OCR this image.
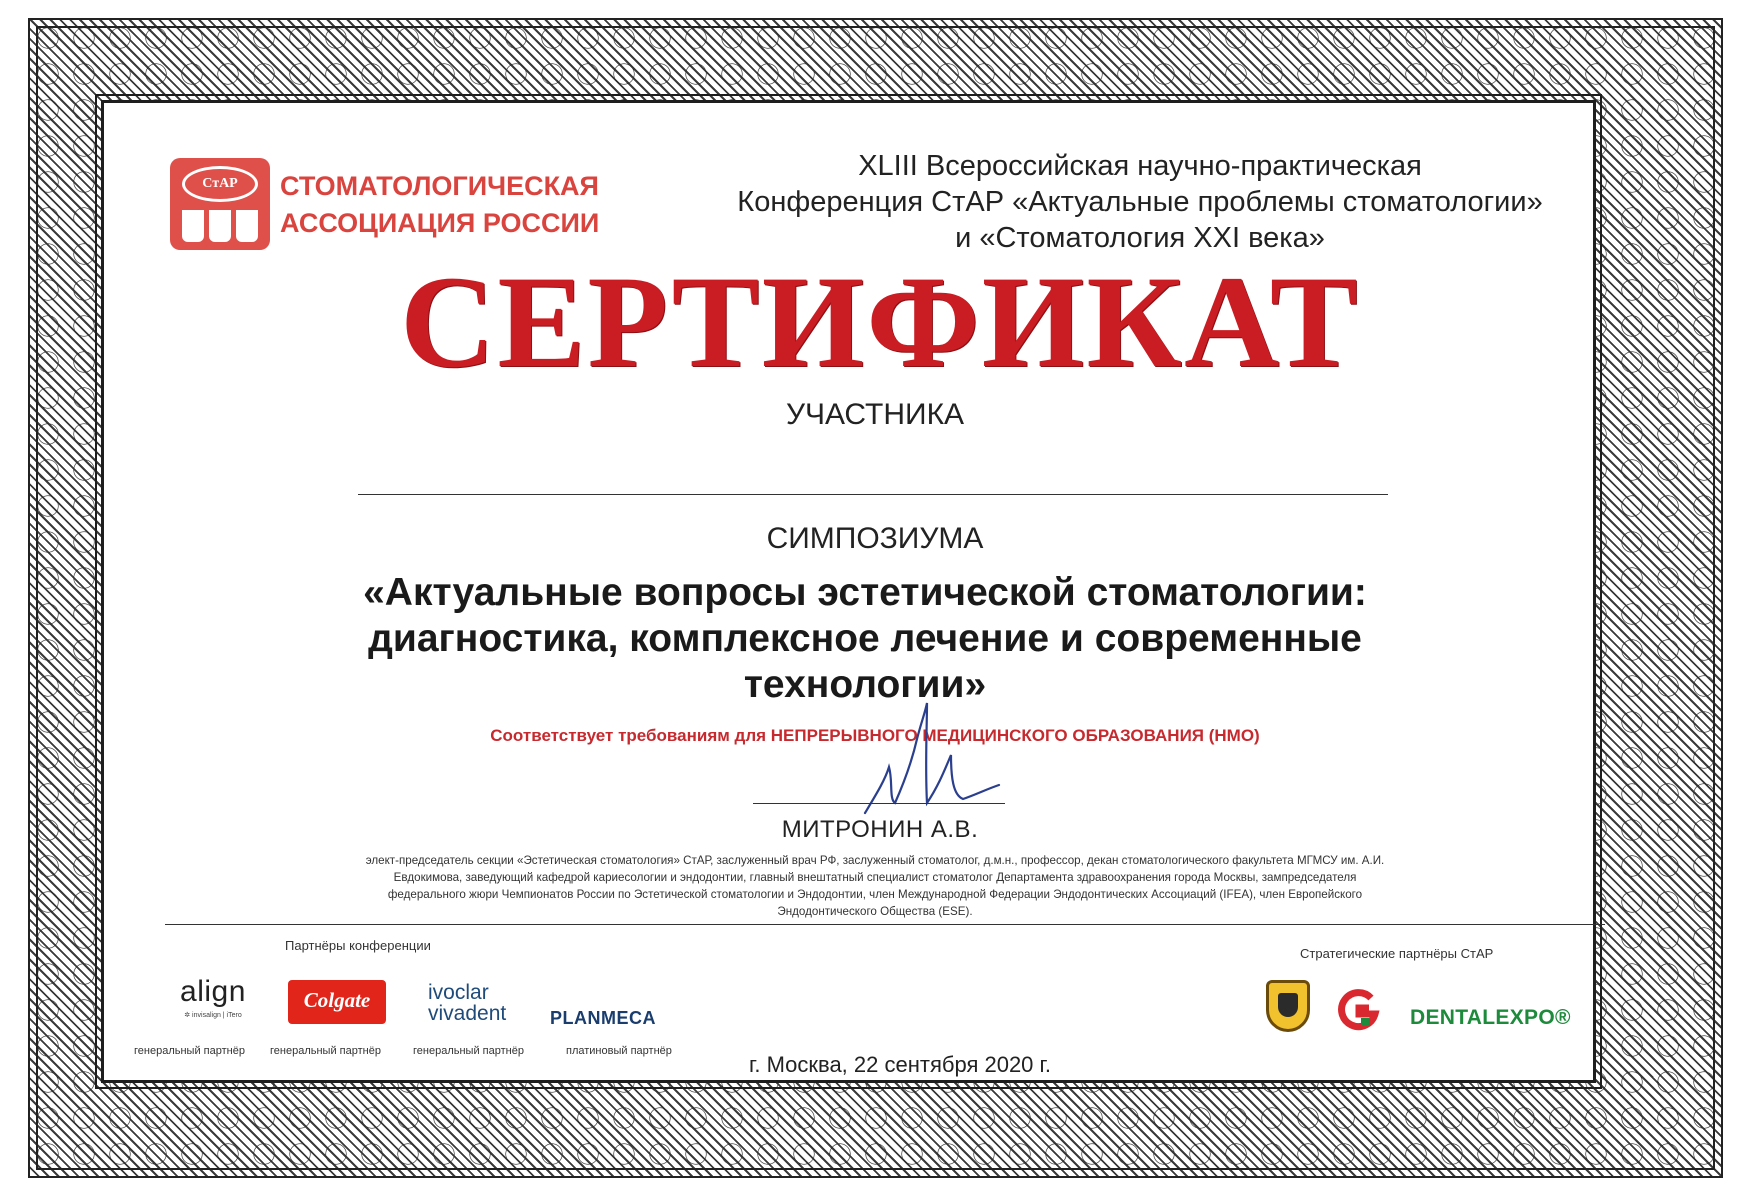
СтАР	СТОМАТОЛОГИЧЕСКАЯ
АССОЦИАЦИЯ РОССИИ
XLIII Всероссийская научно-практическая
Конференция СтАР «Актуальные проблемы стоматологии»
и «Стоматология XXI века»
СЕРТИФИКАТ
УЧАСТНИКА
СИМПОЗИУМА
«Актуальные вопросы эстетической стоматологии:
диагностика, комплексное лечение и современные
технологии»
Соответствует требованиям для НЕПРЕРЫВНОГО МЕДИЦИНСКОГО ОБРАЗОВАНИЯ (НМО)
МИТРОНИН А.В.
элект-председатель секции «Эстетическая стоматология» СтАР, заслуженный врач РФ, заслуженный стоматолог, д.м.н., профессор, декан стоматологического факультета МГМСУ им. А.И.
Евдокимова, заведующий кафедрой кариесологии и эндодонтии, главный внештатный специалист стоматолог Департамента здравоохранения города Москвы, зампредседателя
федерального жюри Чемпионатов России по Эстетической стоматологии и Эндодонтии, член Международной Федерации Эндодонтических Ассоциаций (IFEA), член Европейского
Эндодонтического Общества (ESE).
Партнёры конференции
Стратегические партнёры СтАР
align
✲ invisalign | iTero
Colgate	ivoclar vivadent	PLANMECA
генеральный партнёр генеральный партнёр	генеральный партнёр	платиновый партнёр
г. Москва, 22 сентября 2020 г.
DENTALEXPO®
